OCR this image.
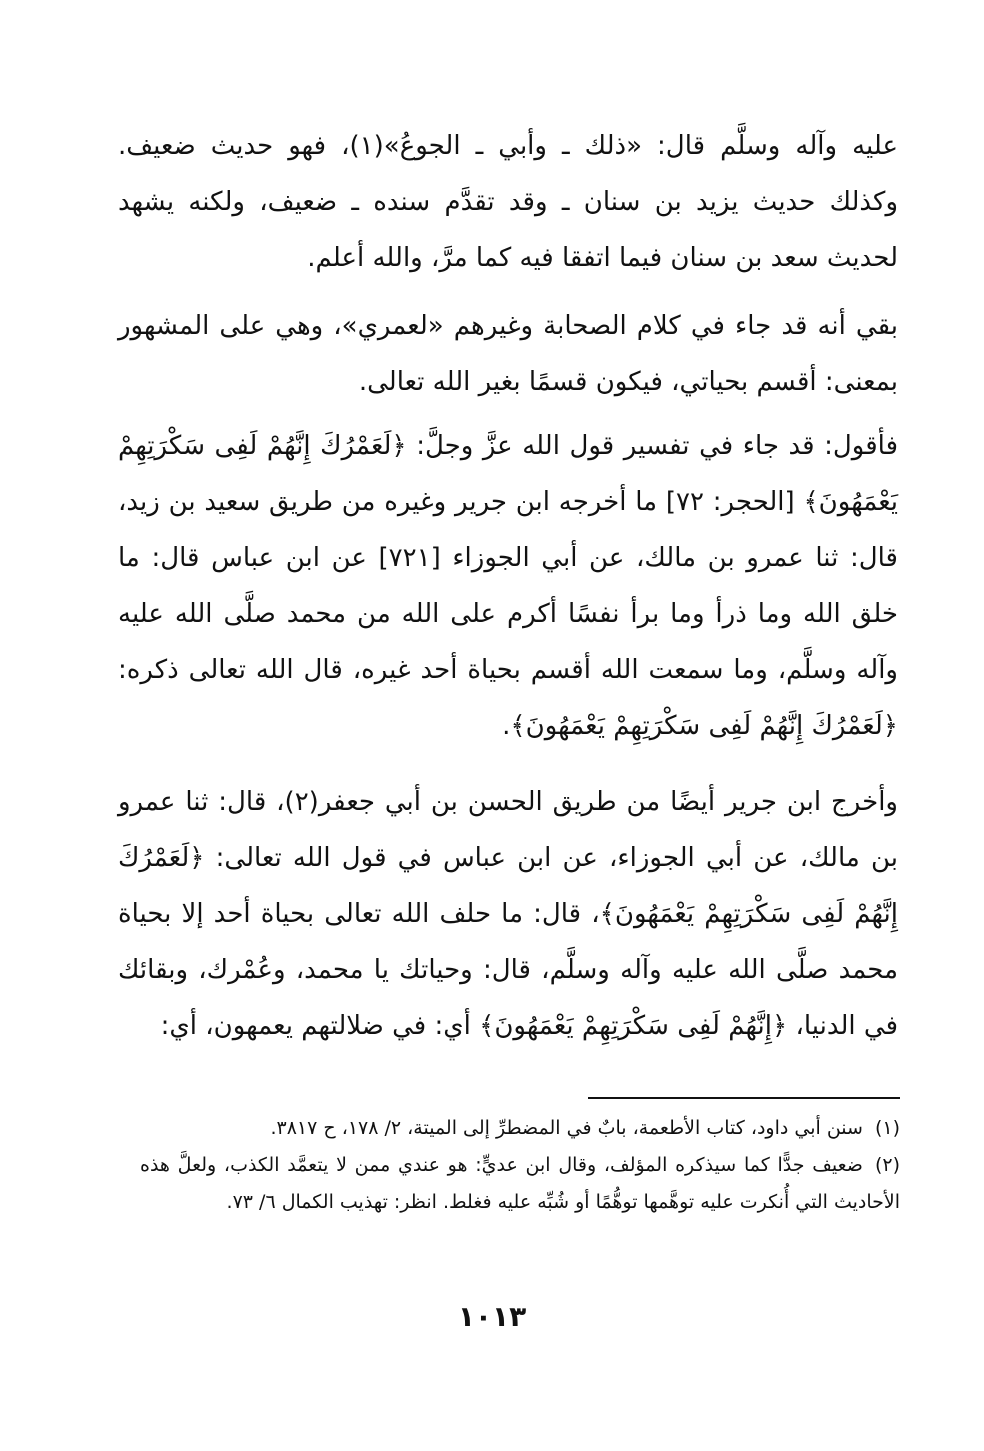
عليه وآله وسلَّم قال: «ذلك ـ وأبي ـ الجوعُ»(١)، فهو حديث ضعيف. وكذلك حديث يزيد بن سنان ـ وقد تقدَّم سنده ـ ضعيف، ولكنه يشهد لحديث سعد بن سنان فيما اتفقا فيه كما مرَّ، والله أعلم.

بقي أنه قد جاء في كلام الصحابة وغيرهم «لعمري»، وهي على المشهور بمعنى: أقسم بحياتي، فيكون قسمًا بغير الله تعالى.

فأقول: قد جاء في تفسير قول الله عزَّ وجلَّ: ﴿لَعَمْرُكَ إِنَّهُمْ لَفِى سَكْرَتِهِمْ يَعْمَهُونَ﴾ [الحجر: ٧٢] ما أخرجه ابن جرير وغيره من طريق سعيد بن زيد، قال: ثنا عمرو بن مالك، عن أبي الجوزاء [٧٢١] عن ابن عباس قال: ما خلق الله وما ذرأ وما برأ نفسًا أكرم على الله من محمد صلَّى الله عليه وآله وسلَّم، وما سمعت الله أقسم بحياة أحد غيره، قال الله تعالى ذكره: ﴿لَعَمْرُكَ إِنَّهُمْ لَفِى سَكْرَتِهِمْ يَعْمَهُونَ﴾.

وأخرج ابن جرير أيضًا من طريق الحسن بن أبي جعفر(٢)، قال: ثنا عمرو بن مالك، عن أبي الجوزاء، عن ابن عباس في قول الله تعالى: ﴿لَعَمْرُكَ إِنَّهُمْ لَفِى سَكْرَتِهِمْ يَعْمَهُونَ﴾، قال: ما حلف الله تعالى بحياة أحد إلا بحياة محمد صلَّى الله عليه وآله وسلَّم، قال: وحياتك يا محمد، وعُمْرك، وبقائك في الدنيا، ﴿إِنَّهُمْ لَفِى سَكْرَتِهِمْ يَعْمَهُونَ﴾ أي: في ضلالتهم يعمهون، أي:

(١)سنن أبي داود، كتاب الأطعمة، بابٌ في المضطرِّ إلى الميتة، ٢/ ١٧٨، ح ٣٨١٧.

(٢)ضعيف جدًّا كما سيذكره المؤلف، وقال ابن عديٍّ: هو عندي ممن لا يتعمَّد الكذب، ولعلَّ هذه الأحاديث التي أُنكرت عليه توهَّمها توهُّمًا أو شُبِّه عليه فغلط. انظر: تهذيب الكمال ٦/ ٧٣.

١٠١٣
